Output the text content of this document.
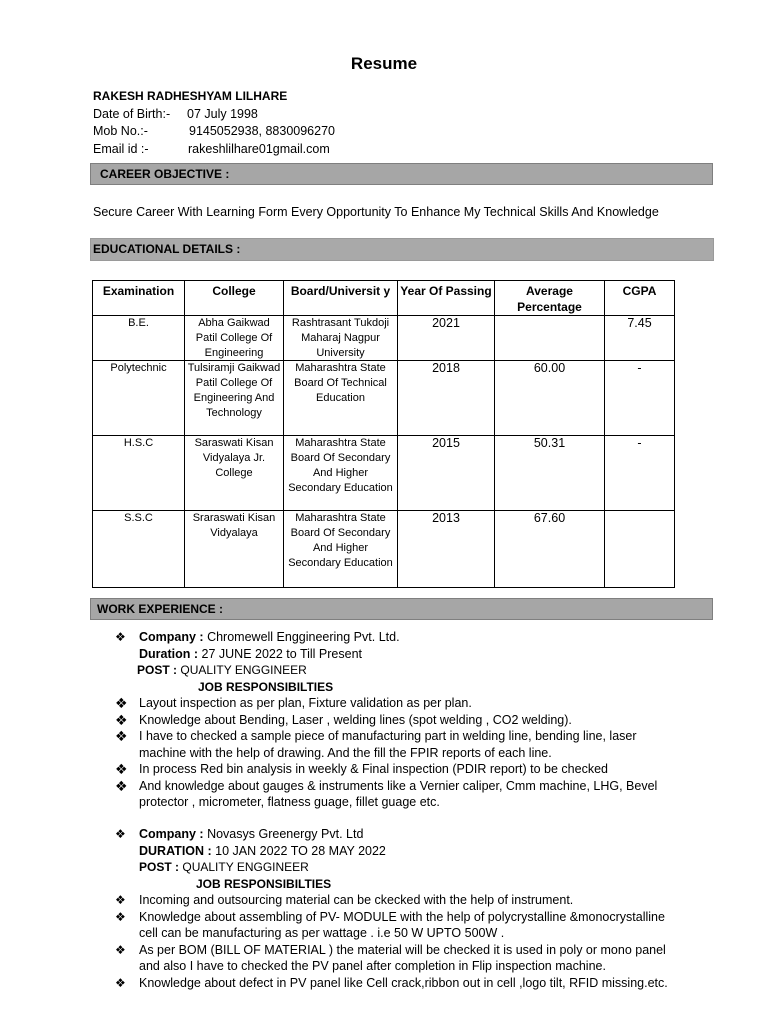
Resume
RAKESH RADHESHYAM LILHARE
Date of Birth:-	07 July 1998
Mob No.:-	9145052938, 8830096270
Email id :-	rakeshlilhare01gmail.com
CAREER OBJECTIVE :
Secure Career With Learning Form Every Opportunity To Enhance My Technical Skills And Knowledge
EDUCATIONAL DETAILS :
Examination	College	Board/Universit y	Year Of Passing	Average Percentage	CGPA
B.E.	Abha Gaikwad Patil College Of Engineering	Rashtrasant Tukdoji Maharaj Nagpur University	2021		7.45
Polytechnic	Tulsiramji Gaikwad Patil College Of Engineering And Technology	Maharashtra State Board Of Technical Education	2018	60.00	-
H.S.C	Saraswati Kisan Vidyalaya Jr. College	Maharashtra State Board Of Secondary And Higher Secondary Education	2015	50.31	-
S.S.C	Sraraswati Kisan Vidyalaya	Maharashtra State Board Of Secondary And Higher Secondary Education	2013	67.60	
WORK EXPERIENCE :
❖	Company : Chromewell Enggineering Pvt. Ltd.
Duration : 27 JUNE 2022 to Till Present
POST : QUALITY ENGGINEER
JOB RESPONSIBILTIES
❖ Layout inspection as per plan, Fixture validation as per plan.
❖ Knowledge about Bending, Laser , welding lines (spot welding , CO2 welding).
❖ I have to checked a sample piece of manufacturing part in welding line, bending line, laser machine with the help of drawing. And the fill the FPIR reports of each line.
❖ In process Red bin analysis in weekly & Final inspection (PDIR report) to be checked
❖ And knowledge about gauges & instruments like a Vernier caliper, Cmm machine, LHG, Bevel protector , micrometer, flatness guage, fillet guage etc.
❖	Company : Novasys Greenergy Pvt. Ltd
DURATION : 10 JAN 2022 TO 28 MAY 2022
POST : QUALITY ENGGINEER
JOB RESPONSIBILTIES
❖	Incoming and outsourcing material can be ckecked with the help of instrument.
❖	Knowledge about assembling of PV- MODULE with the help of polycrystalline &monocrystalline cell can be manufacturing as per wattage . i.e 50 W UPTO 500W .
❖	As per BOM (BILL OF MATERIAL ) the material will be checked it is used in poly or mono panel and also I have to checked the PV panel after completion in Flip inspection machine.
❖	Knowledge about defect in PV panel like Cell crack,ribbon out in cell ,logo tilt, RFID missing.etc.
